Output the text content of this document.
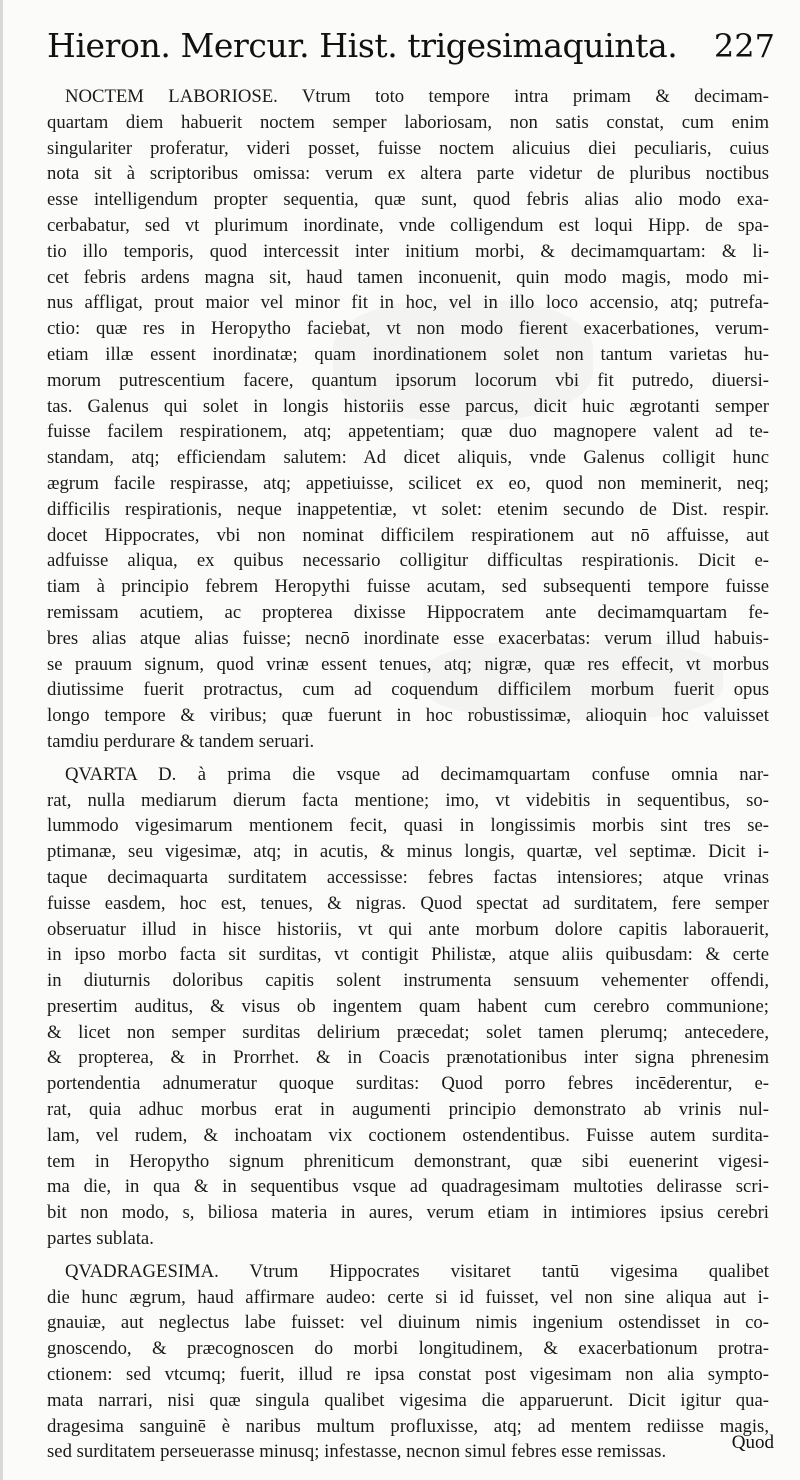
Hieron. Mercur. Hist. trigesimaquinta. 227
NOCTEM LABORIOSE. Vtrum toto tempore intra primam & decimam-
quartam diem habuerit noctem semper laboriosam, non satis constat, cum enim
singulariter proferatur, videri posset, fuisse noctem alicuius diei peculiaris, cuius
nota sit à scriptoribus omissa: verum ex altera parte videtur de pluribus noctibus
esse intelligendum propter sequentia, quæ sunt, quod febris alias alio modo exa-
cerbabatur, sed vt plurimum inordinate, vnde colligendum est loqui Hipp. de spa-
tio illo temporis, quod intercessit inter initium morbi, & decimamquartam: & li-
cet febris ardens magna sit, haud tamen inconuenit, quin modo magis, modo mi-
nus affligat, prout maior vel minor fit in hoc, vel in illo loco accensio, atq; putrefa-
ctio: quæ res in Heropytho faciebat, vt non modo fierent exacerbationes, verum-
etiam illæ essent inordinatæ; quam inordinationem solet non tantum varietas hu-
morum putrescentium facere, quantum ipsorum locorum vbi fit putredo, diuersi-
tas. Galenus qui solet in longis historiis esse parcus, dicit huic ægrotanti semper
fuisse facilem respirationem, atq; appetentiam; quæ duo magnopere valent ad te-
standam, atq; efficiendam salutem: Ad dicet aliquis, vnde Galenus colligit hunc
ægrum facile respirasse, atq; appetiuisse, scilicet ex eo, quod non meminerit, neq;
difficilis respirationis, neque inappetentiæ, vt solet: etenim secundo de Dist. respir.
docet Hippocrates, vbi non nominat difficilem respirationem aut nō affuisse, aut
adfuisse aliqua, ex quibus necessario colligitur difficultas respirationis. Dicit e-
tiam à principio febrem Heropythi fuisse acutam, sed subsequenti tempore fuisse
remissam acutiem, ac propterea dixisse Hippocratem ante decimamquartam fe-
bres alias atque alias fuisse; necnō inordinate esse exacerbatas: verum illud habuis-
se prauum signum, quod vrinæ essent tenues, atq; nigræ, quæ res effecit, vt morbus
diutissime fuerit protractus, cum ad coquendum difficilem morbum fuerit opus
longo tempore & viribus; quæ fuerunt in hoc robustissimæ, alioquin hoc valuisset
tamdiu perdurare & tandem seruari.
QVARTA D. à prima die vsque ad decimamquartam confuse omnia nar-
rat, nulla mediarum dierum facta mentione; imo, vt videbitis in sequentibus, so-
lummodo vigesimarum mentionem fecit, quasi in longissimis morbis sint tres se-
ptimanæ, seu vigesimæ, atq; in acutis, & minus longis, quartæ, vel septimæ. Dicit i-
taque decimaquarta surditatem accessisse: febres factas intensiores; atque vrinas
fuisse easdem, hoc est, tenues, & nigras. Quod spectat ad surditatem, fere semper
obseruatur illud in hisce historiis, vt qui ante morbum dolore capitis laborauerit,
in ipso morbo facta sit surditas, vt contigit Philistæ, atque aliis quibusdam: & certe
in diuturnis doloribus capitis solent instrumenta sensuum vehementer offendi,
presertim auditus, & visus ob ingentem quam habent cum cerebro communione;
& licet non semper surditas delirium præcedat; solet tamen plerumq; antecedere,
& propterea, & in Prorrhet. & in Coacis prænotationibus inter signa phrenesim
portendentia adnumeratur quoque surditas: Quod porro febres incēderentur, e-
rat, quia adhuc morbus erat in augumenti principio demonstrato ab vrinis nul-
lam, vel rudem, & inchoatam vix coctionem ostendentibus. Fuisse autem surdita-
tem in Heropytho signum phreniticum demonstrant, quæ sibi euenerint vigesi-
ma die, in qua & in sequentibus vsque ad quadragesimam multoties delirasse scri-
bit non modo, s, biliosa materia in aures, verum etiam in intimiores ipsius cerebri
partes sublata.
QVADRAGESIMA. Vtrum Hippocrates visitaret tantū vigesima qualibet
die hunc ægrum, haud affirmare audeo: certe si id fuisset, vel non sine aliqua aut i-
gnauiæ, aut neglectus labe fuisset: vel diuinum nimis ingenium ostendisset in co-
gnoscendo, & præcognoscen do morbi longitudinem, & exacerbationum protra-
ctionem: sed vtcumq; fuerit, illud re ipsa constat post vigesimam non alia sympto-
mata narrari, nisi quæ singula qualibet vigesima die apparuerunt. Dicit igitur qua-
dragesima sanguinē è naribus multum profluxisse, atq; ad mentem rediisse magis,
sed surditatem perseuerasse minusq; infestasse, necnon simul febres esse remissas.	Quod
